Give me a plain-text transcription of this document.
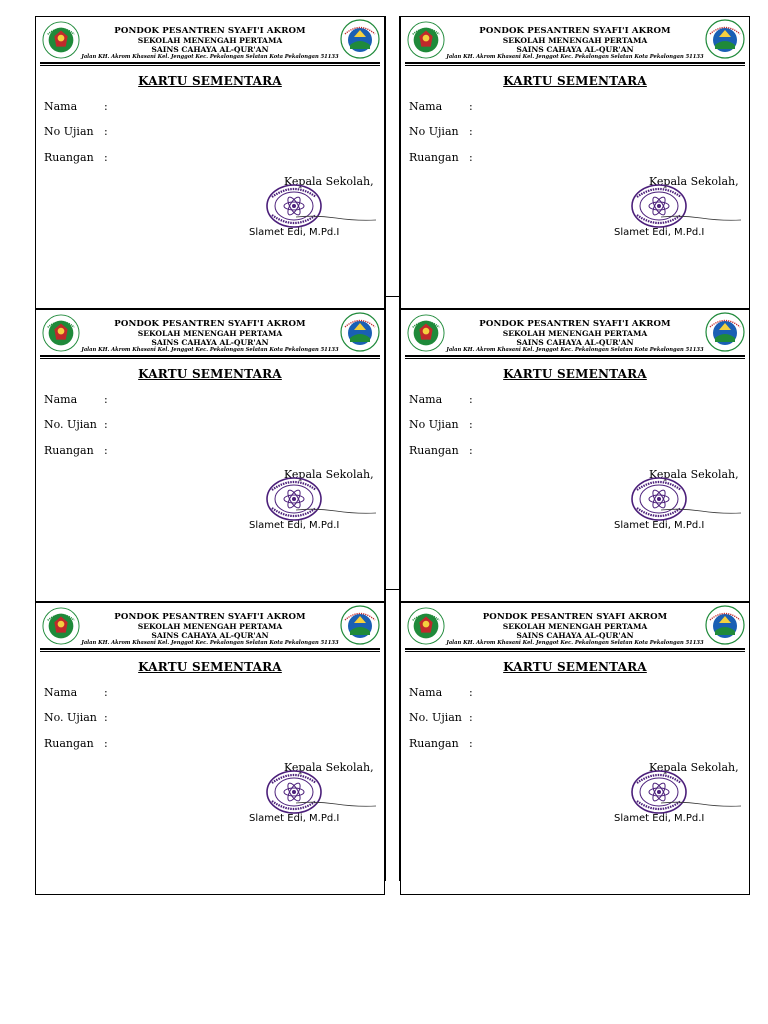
PONDOK PESANTREN SYAFI'I AKROM
SEKOLAH MENENGAH PERTAMA
SAINS CAHAYA AL-QUR'AN
Jalan KH. Akrom Khasani Kel. Jenggot Kec. Pekalongan Selatan Kota Pekalongan 51133
KARTU SEMENTARA
Nama :
No Ujian :
Ruangan :
Kepala Sekolah,
Slamet Edi, M.Pd.I
PONDOK PESANTREN SYAFI'I AKROM
SEKOLAH MENENGAH PERTAMA
SAINS CAHAYA AL-QUR'AN
Jalan KH. Akrom Khasani Kel. Jenggot Kec. Pekalongan Selatan Kota Pekalongan 51133
KARTU SEMENTARA
Nama :
No Ujian :
Ruangan :
Kepala Sekolah,
Slamet Edi, M.Pd.I
PONDOK PESANTREN SYAFI'I AKROM
SEKOLAH MENENGAH PERTAMA
SAINS CAHAYA AL-QUR'AN
Jalan KH. Akrom Khasani Kel. Jenggot Kec. Pekalongan Selatan Kota Pekalongan 51133
KARTU SEMENTARA
Nama :
No. Ujian :
Ruangan :
Kepala Sekolah,
Slamet Edi, M.Pd.I
PONDOK PESANTREN SYAFI'I AKROM
SEKOLAH MENENGAH PERTAMA
SAINS CAHAYA AL-QUR'AN
Jalan KH. Akrom Khasani Kel. Jenggot Kec. Pekalongan Selatan Kota Pekalongan 51133
KARTU SEMENTARA
Nama :
No Ujian :
Ruangan :
Kepala Sekolah,
Slamet Edi, M.Pd.I
PONDOK PESANTREN SYAFI'I AKROM
SEKOLAH MENENGAH PERTAMA
SAINS CAHAYA AL-QUR'AN
Jalan KH. Akrom Khasani Kel. Jenggot Kec. Pekalongan Selatan Kota Pekalongan 51133
KARTU SEMENTARA
Nama :
No. Ujian :
Ruangan :
Kepala Sekolah,
Slamet Edi, M.Pd.I
PONDOK PESANTREN SYAFI AKROM
SEKOLAH MENENGAH PERTAMA
SAINS CAHAYA AL-QUR'AN
Jalan KH. Akrom Khasani Kel. Jenggot Kec. Pekalongan Selatan Kota Pekalongan 51133
KARTU SEMENTARA
Nama :
No. Ujian :
Ruangan :
Kepala Sekolah,
Slamet Edi, M.Pd.I
